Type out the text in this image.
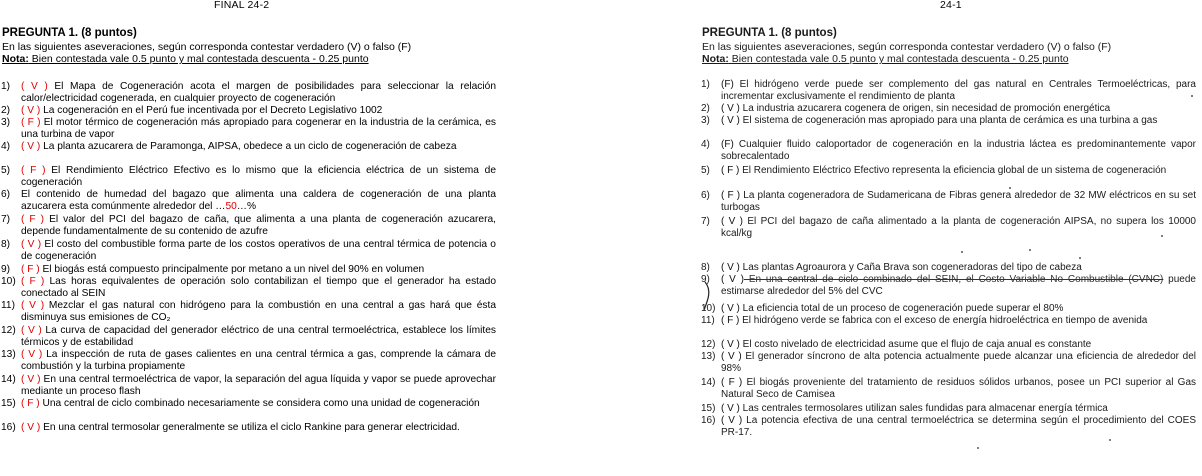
FINAL 24-2
PREGUNTA 1. (8 puntos)
En las siguientes aseveraciones, según corresponda contestar verdadero (V) o falso (F)
Nota: Bien contestada vale 0.5 punto y mal contestada descuenta - 0.25 punto
1)	( V ) El Mapa de Cogeneración acota el margen de posibilidades para seleccionar la relación calor/electricidad cogenerada, en cualquier proyecto de cogeneración
2)	( V ) La cogeneración en el Perú fue incentivada por el Decreto Legislativo 1002
3)	( F ) El motor térmico de cogeneración más apropiado para cogenerar en la industria de la cerámica, es una turbina de vapor
4)	( V ) La planta azucarera de Paramonga, AIPSA, obedece a un ciclo de cogeneración de cabeza
5)	( F ) El Rendimiento Eléctrico Efectivo es lo mismo que la eficiencia eléctrica de un sistema de cogeneración
6)	El contenido de humedad del bagazo que alimenta una caldera de cogeneración de una planta azucarera esta comúnmente alrededor del …50…%
7)	( F ) El valor del PCI del bagazo de caña, que alimenta a una planta de cogeneración azucarera, depende fundamentalmente de su contenido de azufre
8)	( V ) El costo del combustible forma parte de los costos operativos de una central térmica de potencia o de cogeneración
9)	( F ) El biogás está compuesto principalmente por metano a un nivel del 90% en volumen
10) ( F ) Las horas equivalentes de operación solo contabilizan el tiempo que el generador ha estado conectado al SEIN
11) ( V ) Mezclar el gas natural con hidrógeno para la combustión en una central a gas hará que ésta disminuya sus emisiones de CO₂
12) ( V ) La curva de capacidad del generador eléctrico de una central termoeléctrica, establece los límites térmicos y de estabilidad
13) ( V ) La inspección de ruta de gases calientes en una central térmica a gas, comprende la cámara de combustión y la turbina propiamente
14) ( V ) En una central termoeléctrica de vapor, la separación del agua líquida y vapor se puede aprovechar mediante un proceso flash
15) ( F ) Una central de ciclo combinado necesariamente se considera como una unidad de cogeneración
16) ( V ) En una central termosolar generalmente se utiliza el ciclo Rankine para generar electricidad.
24-1
PREGUNTA 1. (8 puntos)
En las siguientes aseveraciones, según corresponda contestar verdadero (V) o falso (F)
Nota: Bien contestada vale 0.5 punto y mal contestada descuenta - 0.25 punto
1)	(F) El hidrógeno verde puede ser complemento del gas natural en Centrales Termoeléctricas, para incrementar exclusivamente el rendimiento de planta
2)	( V ) La industria azucarera cogenera de origen, sin necesidad de promoción energética
3)	( V ) El sistema de cogeneración mas apropiado para una planta de cerámica es una turbina a gas
4)	(F) Cualquier fluido caloportador de cogeneración en la industria láctea es predominantemente vapor sobrecalentado
5)	( F ) El Rendimiento Eléctrico Efectivo representa la eficiencia global de un sistema de cogeneración
6)	( F ) La planta cogeneradora de Sudamericana de Fibras genera alrededor de 32 MW eléctricos en su set turbogas
7)	( V ) El PCI del bagazo de caña alimentado a la planta de cogeneración AIPSA, no supera los 10000 kcal/kg
8)	( V ) Las plantas Agroaurora y Caña Brava son cogeneradoras del tipo de cabeza
9)	( V ) En una central de ciclo combinado del SEIN, el Costo Variable No Combustible (CVNC) puede estimarse alrededor del 5% del CVC
10) ( V ) La eficiencia total de un proceso de cogeneración puede superar el 80%
11) ( F ) El hidrógeno verde se fabrica con el exceso de energía hidroeléctrica en tiempo de avenida
12) ( V ) El costo nivelado de electricidad asume que el flujo de caja anual es constante
13) ( V ) El generador síncrono de alta potencia actualmente puede alcanzar una eficiencia de alrededor del 98%
14) ( F ) El biogás proveniente del tratamiento de residuos sólidos urbanos, posee un PCI superior al Gas Natural Seco de Camisea
15) ( V ) Las centrales termosolares utilizan sales fundidas para almacenar energía térmica
16) ( V ) La potencia efectiva de una central termoeléctrica se determina según el procedimiento del COES PR-17.
